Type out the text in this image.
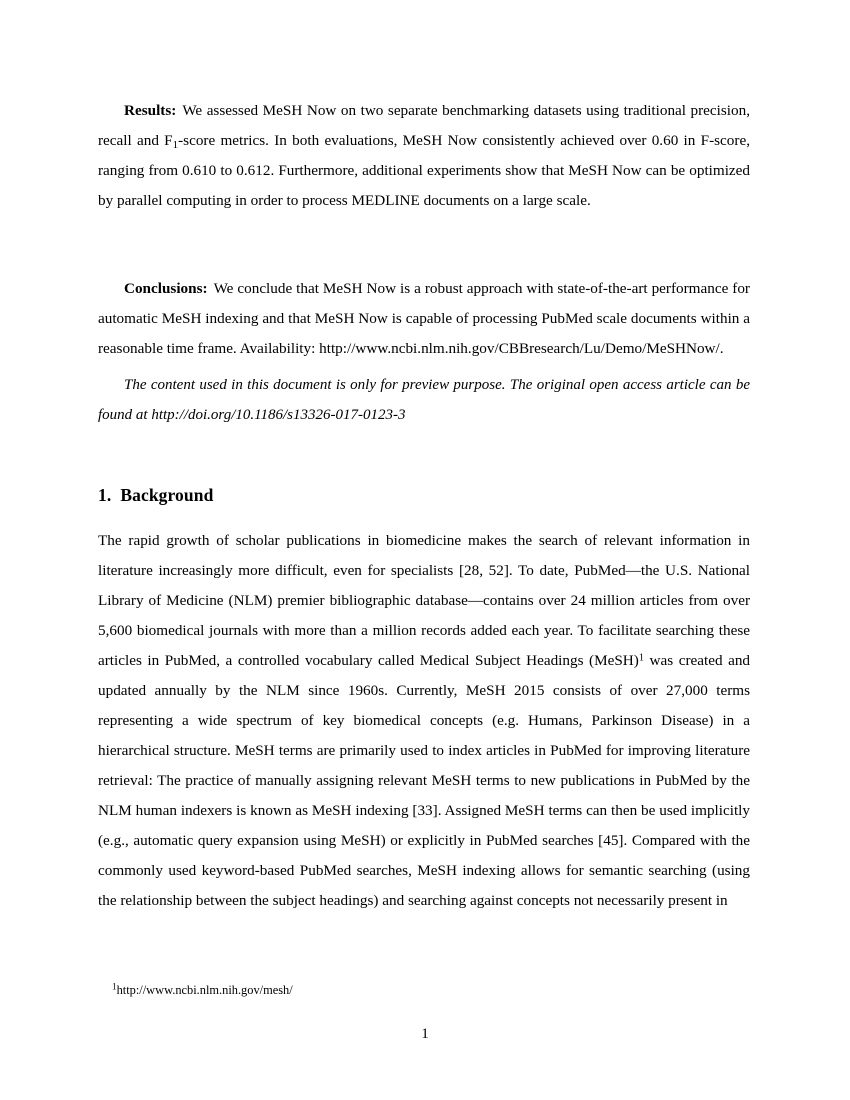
Results: We assessed MeSH Now on two separate benchmarking datasets using traditional precision, recall and $F_1$-score metrics. In both evaluations, MeSH Now consistently achieved over 0.60 in F-score, ranging from 0.610 to 0.612. Furthermore, additional experiments show that MeSH Now can be optimized by parallel computing in order to process MEDLINE documents on a large scale.

Conclusions: We conclude that MeSH Now is a robust approach with state-of-the-art performance for automatic MeSH indexing and that MeSH Now is capable of processing PubMed scale documents within a reasonable time frame. Availability: http://www.ncbi.nlm.nih.gov/CBBresearch/Lu/Demo/MeSHNow/.

The content used in this document is only for preview purpose. The original open access article can be found at http://doi.org/10.1186/s13326-017-0123-3

1. Background

The rapid growth of scholar publications in biomedicine makes the search of relevant information in literature increasingly more difficult, even for specialists [28, 52]. To date, PubMed—the U.S. National Library of Medicine (NLM) premier bibliographic database—contains over 24 million articles from over 5,600 biomedical journals with more than a million records added each year. To facilitate searching these articles in PubMed, a controlled vocabulary called Medical Subject Headings (MeSH)$^1$ was created and updated annually by the NLM since 1960s. Currently, MeSH 2015 consists of over 27,000 terms representing a wide spectrum of key biomedical concepts (e.g. Humans, Parkinson Disease) in a hierarchical structure. MeSH terms are primarily used to index articles in PubMed for improving literature retrieval: The practice of manually assigning relevant MeSH terms to new publications in PubMed by the NLM human indexers is known as MeSH indexing [33]. Assigned MeSH terms can then be used implicitly (e.g., automatic query expansion using MeSH) or explicitly in PubMed searches [45]. Compared with the commonly used keyword-based PubMed searches, MeSH indexing allows for semantic searching (using the relationship between the subject headings) and searching against concepts not necessarily present in

$^1$http://www.ncbi.nlm.nih.gov/mesh/

1
